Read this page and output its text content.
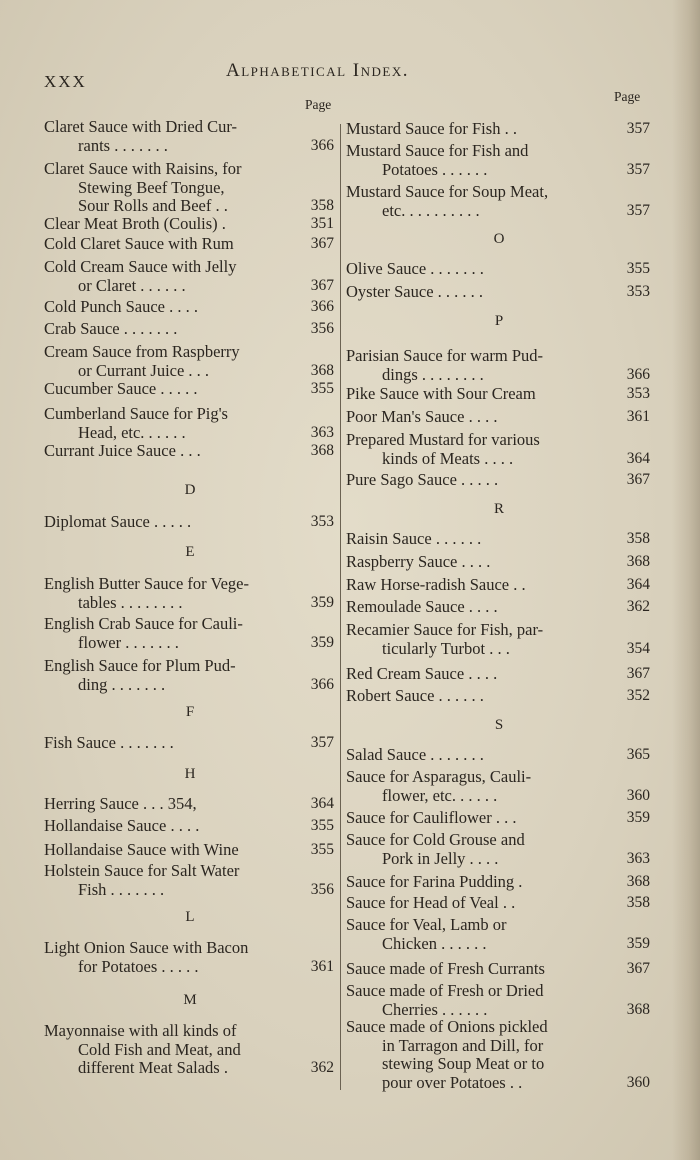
XXX
Alphabetical Index.
Page
Page
Claret Sauce with Dried Cur-
rants . . . . . . .	366
Claret Sauce with Raisins, for
Stewing Beef Tongue,
Sour Rolls and Beef . .	358
Clear Meat Broth (Coulis) .	351
Cold Claret Sauce with Rum	367
Cold Cream Sauce with Jelly
or Claret . . . . . .	367
Cold Punch Sauce . . . .	366
Crab Sauce . . . . . . .	356
Cream Sauce from Raspberry
or Currant Juice . . .	368
Cucumber Sauce . . . . .	355
Cumberland Sauce for Pig's
Head, etc. . . . . .	363
Currant Juice Sauce . . .	368
D
Diplomat Sauce . . . . .	353
E
English Butter Sauce for Vege-
tables . . . . . . . .	359
English Crab Sauce for Cauli-
flower . . . . . . .	359
English Sauce for Plum Pud-
ding . . . . . . .	366
F
Fish Sauce . . . . . . .	357
H
Herring Sauce . . . 354,	364
Hollandaise Sauce . . . .	355
Hollandaise Sauce with Wine	355
Holstein Sauce for Salt Water
Fish . . . . . . .	356
L
Light Onion Sauce with Bacon
for Potatoes . . . . .	361
M
Mayonnaise with all kinds of
Cold Fish and Meat, and
different Meat Salads .	362
Mustard Sauce for Fish . .	357
Mustard Sauce for Fish and
Potatoes . . . . . .	357
Mustard Sauce for Soup Meat,
etc. . . . . . . . . .	357
O
Olive Sauce . . . . . . .	355
Oyster Sauce . . . . . .	353
P
Parisian Sauce for warm Pud-
dings . . . . . . . .	366
Pike Sauce with Sour Cream	353
Poor Man's Sauce . . . .	361
Prepared Mustard for various
kinds of Meats . . . .	364
Pure Sago Sauce . . . . .	367
R
Raisin Sauce . . . . . .	358
Raspberry Sauce . . . .	368
Raw Horse-radish Sauce . .	364
Remoulade Sauce . . . .	362
Recamier Sauce for Fish, par-
ticularly Turbot . . .	354
Red Cream Sauce . . . .	367
Robert Sauce . . . . . .	352
S
Salad Sauce . . . . . . .	365
Sauce for Asparagus, Cauli-
flower, etc. . . . . .	360
Sauce for Cauliflower . . .	359
Sauce for Cold Grouse and
Pork in Jelly . . . .	363
Sauce for Farina Pudding .	368
Sauce for Head of Veal . .	358
Sauce for Veal, Lamb or
Chicken . . . . . .	359
Sauce made of Fresh Currants	367
Sauce made of Fresh or Dried
Cherries . . . . . .	368
Sauce made of Onions pickled
in Tarragon and Dill, for
stewing Soup Meat or to
pour over Potatoes . .	360
